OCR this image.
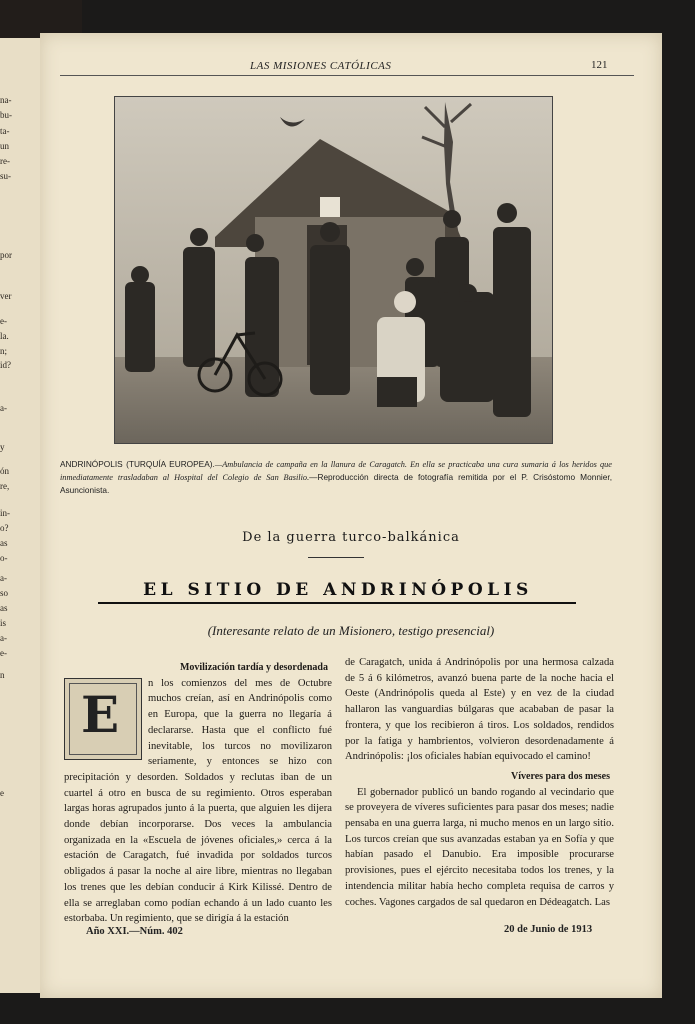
na-
bu-
ta-
un
re-
su-
por
ver
e-
la.
n;
id?
a-
y
ón
re,
in-
o?
as
o-
a-
so
as
is
a-
e-
n
e
LAS MISIONES CATÓLICAS	121
ANDRINÓPOLIS (TURQUÍA EUROPEA).—Ambulancia de campaña en la llanura de Caragatch. En ella se practicaba una cura sumaria á los heridos que inmediatamente trasladaban al Hospital del Colegio de San Basilio.—Reproducción directa de fotografía remitida por el P. Crisóstomo Monnier, Asuncionista.
De la guerra turco-balkánica
EL SITIO DE ANDRINÓPOLIS
(Interesante relato de un Misionero, testigo presencial)

Movilización tardía y desordenada

E

n los comienzos del mes de Octubre muchos creían, así en Andrinópolis como en Europa, que la guerra no llegaría á declararse. Hasta que el conflicto fué inevitable, los turcos no movilizaron seriamente, y entonces se hizo con precipitación y desorden. Soldados y reclutas iban de un cuartel á otro en busca de su regimiento. Otros esperaban largas horas agrupados junto á la puerta, que alguien les dijera donde debían incorporarse. Dos veces la ambulancia organizada en la «Escuela de jóvenes oficiales,» cerca á la estación de Caragatch, fué invadida por soldados turcos obligados á pasar la noche al aire libre, mientras no llegaban los trenes que les debían conducir á Kirk Kilissé. Dentro de ella se arreglaban como podían echando á un lado cuanto les estorbaba. Un regimiento, que se dirigía á la estación

de Caragatch, unida á Andrinópolis por una hermosa calzada de 5 á 6 kilómetros, avanzó buena parte de la noche hacia el Oeste (Andrinópolis queda al Este) y en vez de la ciudad hallaron las vanguardias búlgaras que acababan de pasar la frontera, y que los recibieron á tiros. Los soldados, rendidos por la fatiga y hambrientos, volvieron desordenadamente á Andrinópolis: ¡los oficiales habían equivocado el camino!

Víveres para dos meses

El gobernador publicó un bando rogando al vecindario que se proveyera de víveres suficientes para pasar dos meses; nadie pensaba en una guerra larga, ni mucho menos en un largo sitio. Los turcos creían que sus avanzadas estaban ya en Sofía y que habían pasado el Danubio. Era imposible procurarse provisiones, pues el ejército necesitaba todos los trenes, y la intendencia militar había hecho completa requisa de carros y coches. Vagones cargados de sal quedaron en Dédeagatch. Las

Año XXI.—Núm. 402	20 de Junio de 1913
